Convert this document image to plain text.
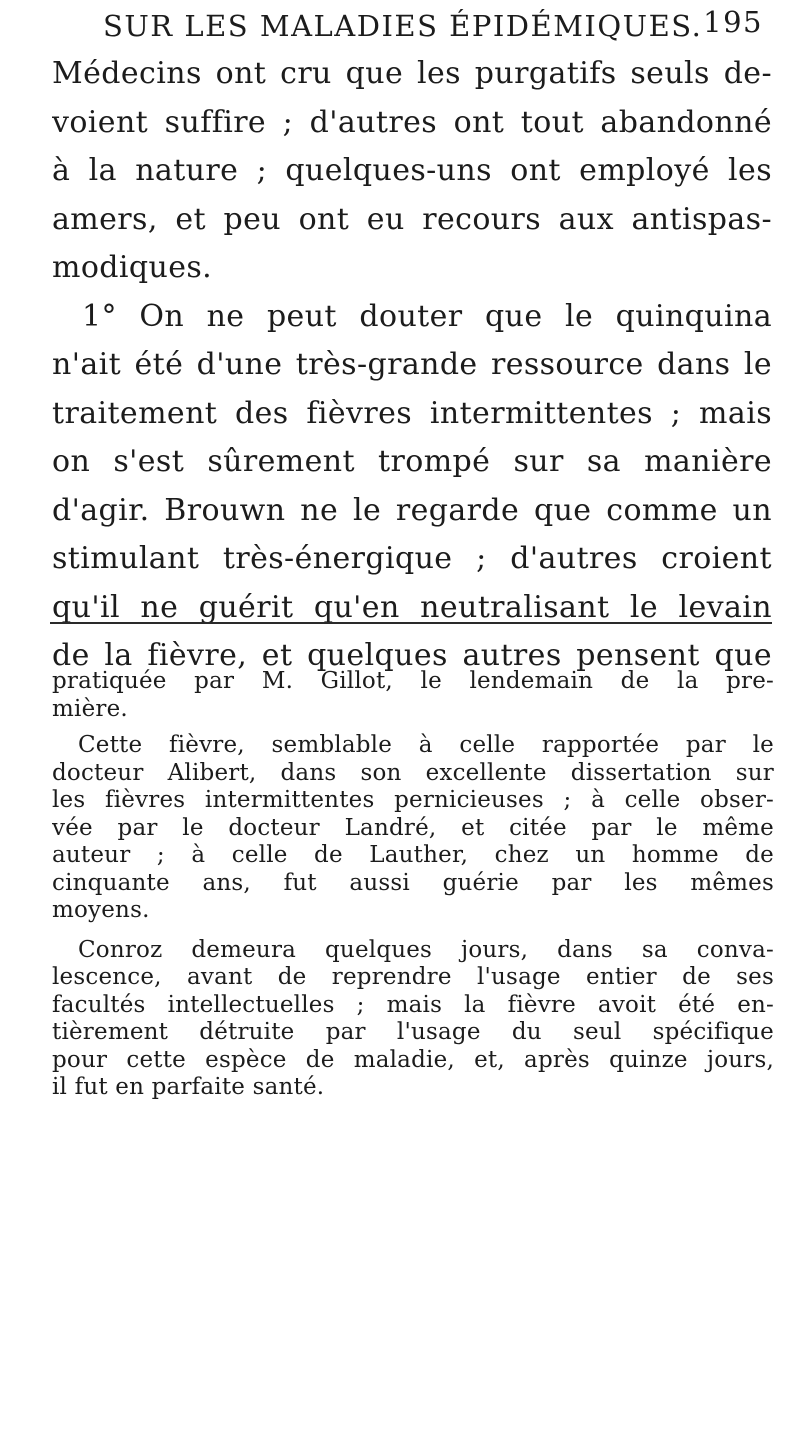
SUR LES MALADIES ÉPIDÉMIQUES. 195

Médecins ont cru que les purgatifs seuls de-
voient suffire ; d'autres ont tout abandonné
à la nature ; quelques-uns ont employé les
amers, et peu ont eu recours aux antispas-
modiques.

1° On ne peut douter que le quinquina
n'ait été d'une très-grande ressource dans le
traitement des fièvres intermittentes ; mais
on s'est sûrement trompé sur sa manière
d'agir. Brouwn ne le regarde que comme un
stimulant très-énergique ; d'autres croient
qu'il ne guérit qu'en neutralisant le levain
de la fièvre, et quelques autres pensent que

pratiquée par M. Gillot, le lendemain de la pre-
mière.

Cette fièvre, semblable à celle rapportée par le
docteur Alibert, dans son excellente dissertation sur
les fièvres intermittentes pernicieuses ; à celle obser-
vée par le docteur Landré, et citée par le même
auteur ; à celle de Lauther, chez un homme de
cinquante ans, fut aussi guérie par les mêmes
moyens.

Conroz demeura quelques jours, dans sa conva-
lescence, avant de reprendre l'usage entier de ses
facultés intellectuelles ; mais la fièvre avoit été en-
tièrement détruite par l'usage du seul spécifique
pour cette espèce de maladie, et, après quinze jours,
il fut en parfaite santé.
